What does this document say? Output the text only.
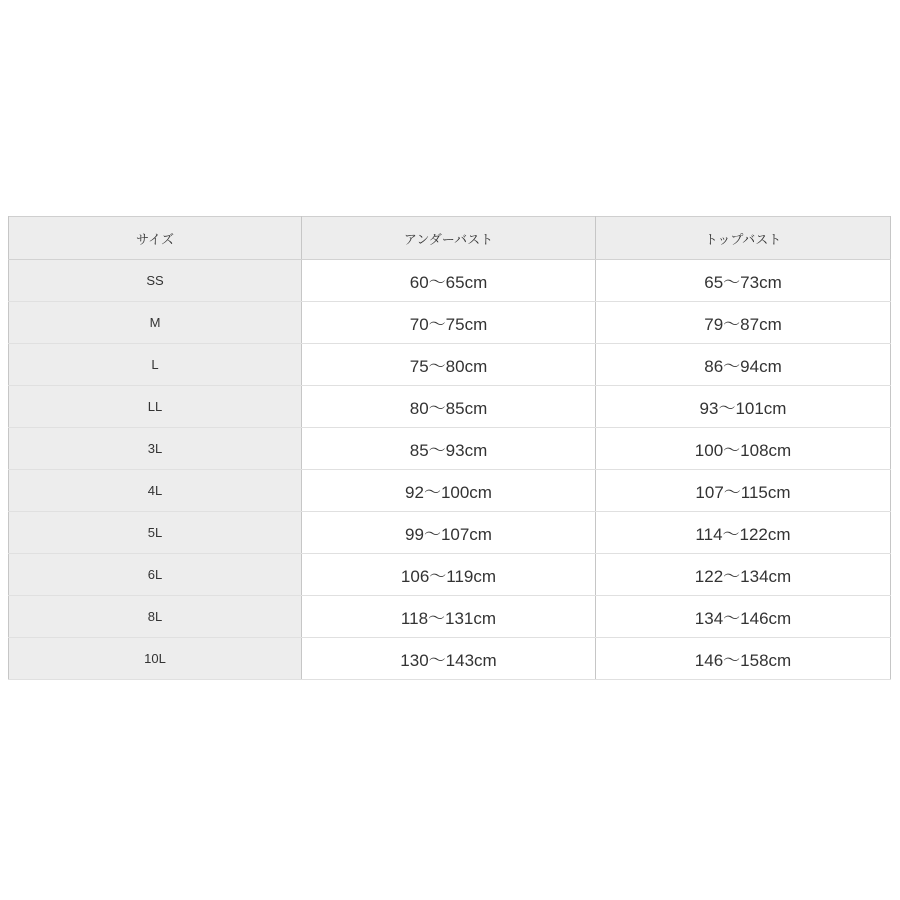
サイズ	アンダーバスト	トップバスト
SS	60〜65cm	65〜73cm
M	70〜75cm	79〜87cm
L	75〜80cm	86〜94cm
LL	80〜85cm	93〜101cm
3L	85〜93cm	100〜108cm
4L	92〜100cm	107〜115cm
5L	99〜107cm	114〜122cm
6L	106〜119cm	122〜134cm
8L	118〜131cm	134〜146cm
10L	130〜143cm	146〜158cm
